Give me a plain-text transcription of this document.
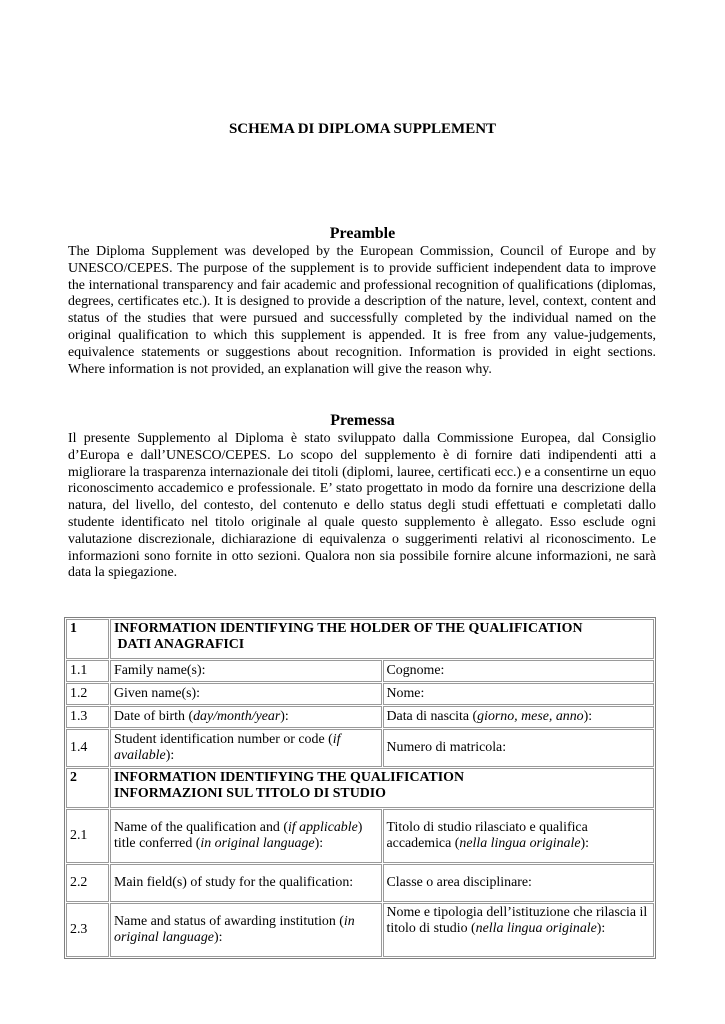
SCHEMA DI DIPLOMA SUPPLEMENT
Preamble

The Diploma Supplement was developed by the European Commission, Council of Europe and by UNESCO/CEPES. The purpose of the supplement is to provide sufficient independent data to improve the international transparency and fair academic and professional recognition of qualifications (diplomas, degrees, certificates etc.). It is designed to provide a description of the nature, level, context, content and status of the studies that were pursued and successfully completed by the individual named on the original qualification to which this supplement is appended. It is free from any value-judgements, equivalence statements or suggestions about recognition. Information is provided in eight sections. Where information is not provided, an explanation will give the reason why.

Premessa

Il presente Supplemento al Diploma è stato sviluppato dalla Commissione Europea, dal Consiglio d’Europa e dall’UNESCO/CEPES. Lo scopo del supplemento è di fornire dati indipendenti atti a migliorare la trasparenza internazionale dei titoli (diplomi, lauree, certificati ecc.) e a consentirne un equo riconoscimento accademico e professionale. E’ stato progettato in modo da fornire una descrizione della natura, del livello, del contesto, del contenuto e dello status degli studi effettuati e completati dallo studente identificato nel titolo originale al quale questo supplemento è allegato. Esso esclude ogni valutazione discrezionale, dichiarazione di equivalenza o suggerimenti relativi al riconoscimento. Le informazioni sono fornite in otto sezioni. Qualora non sia possibile fornire alcune informazioni, ne sarà data la spiegazione.

1	INFORMATION IDENTIFYING THE HOLDER OF THE QUALIFICATION
DATI ANAGRAFICI	

1.1	Family name(s):	Cognome:
1.2	Given name(s):	Nome:
1.3	Date of birth (day/month/year):	Data di nascita (giorno, mese, anno):
1.4	Student identification number or code (if available):	Numero di matricola:
2	INFORMATION IDENTIFYING THE QUALIFICATION
INFORMAZIONI SUL TITOLO DI STUDIO	

2.1	Name of the qualification and (if applicable) title conferred (in original language):	Titolo di studio rilasciato e qualifica accademica (nella lingua originale):
2.2	Main field(s) of study for the qualification:	Classe o area disciplinare:
2.3	Name and status of awarding institution (in original language):	Nome e tipologia dell’istituzione che rilascia il titolo di studio (nella lingua originale):
